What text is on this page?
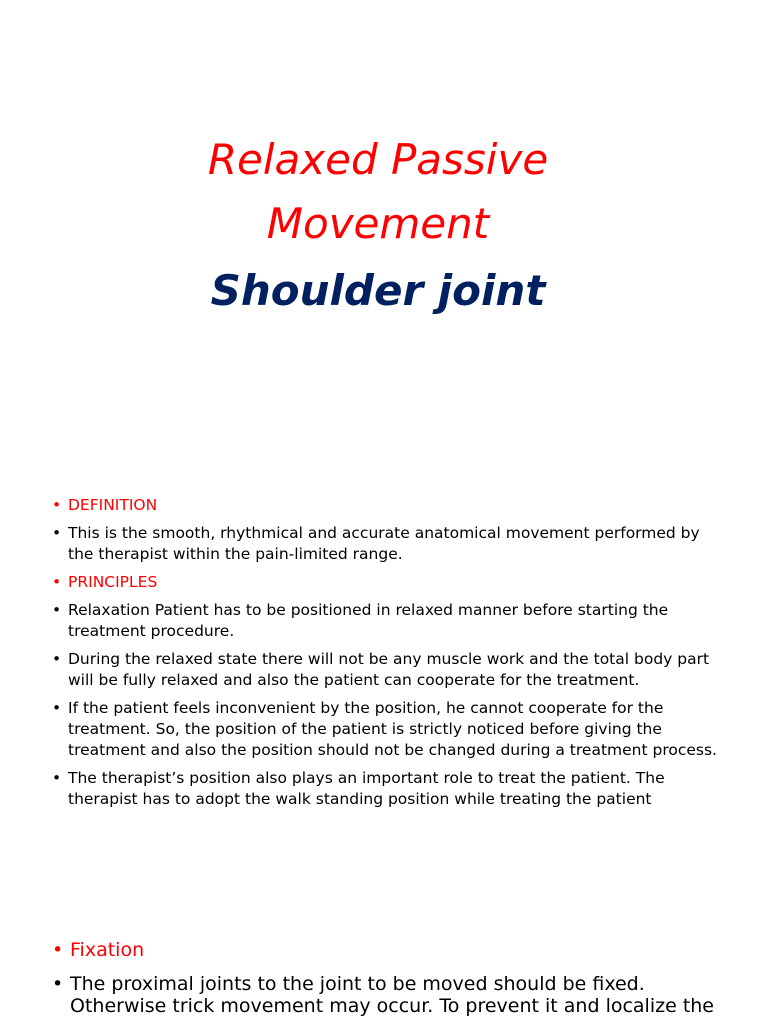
Relaxed Passive
Movement
Shoulder joint
• DEFINITION
• This is the smooth, rhythmical and accurate anatomical movement performed by the therapist within the pain-limited range.
• PRINCIPLES
• Relaxation Patient has to be positioned in relaxed manner before starting the treatment procedure.
• During the relaxed state there will not be any muscle work and the total body part will be fully relaxed and also the patient can cooperate for the treatment.
• If the patient feels inconvenient by the position, he cannot cooperate for the treatment. So, the position of the patient is strictly noticed before giving the treatment and also the position should not be changed during a treatment process.
• The therapist’s position also plays an important role to treat the patient. The therapist has to adopt the walk standing position while treating the patient
• Fixation
• The proximal joints to the joint to be moved should be fixed. Otherwise trick movement may occur. To prevent it and localize the
